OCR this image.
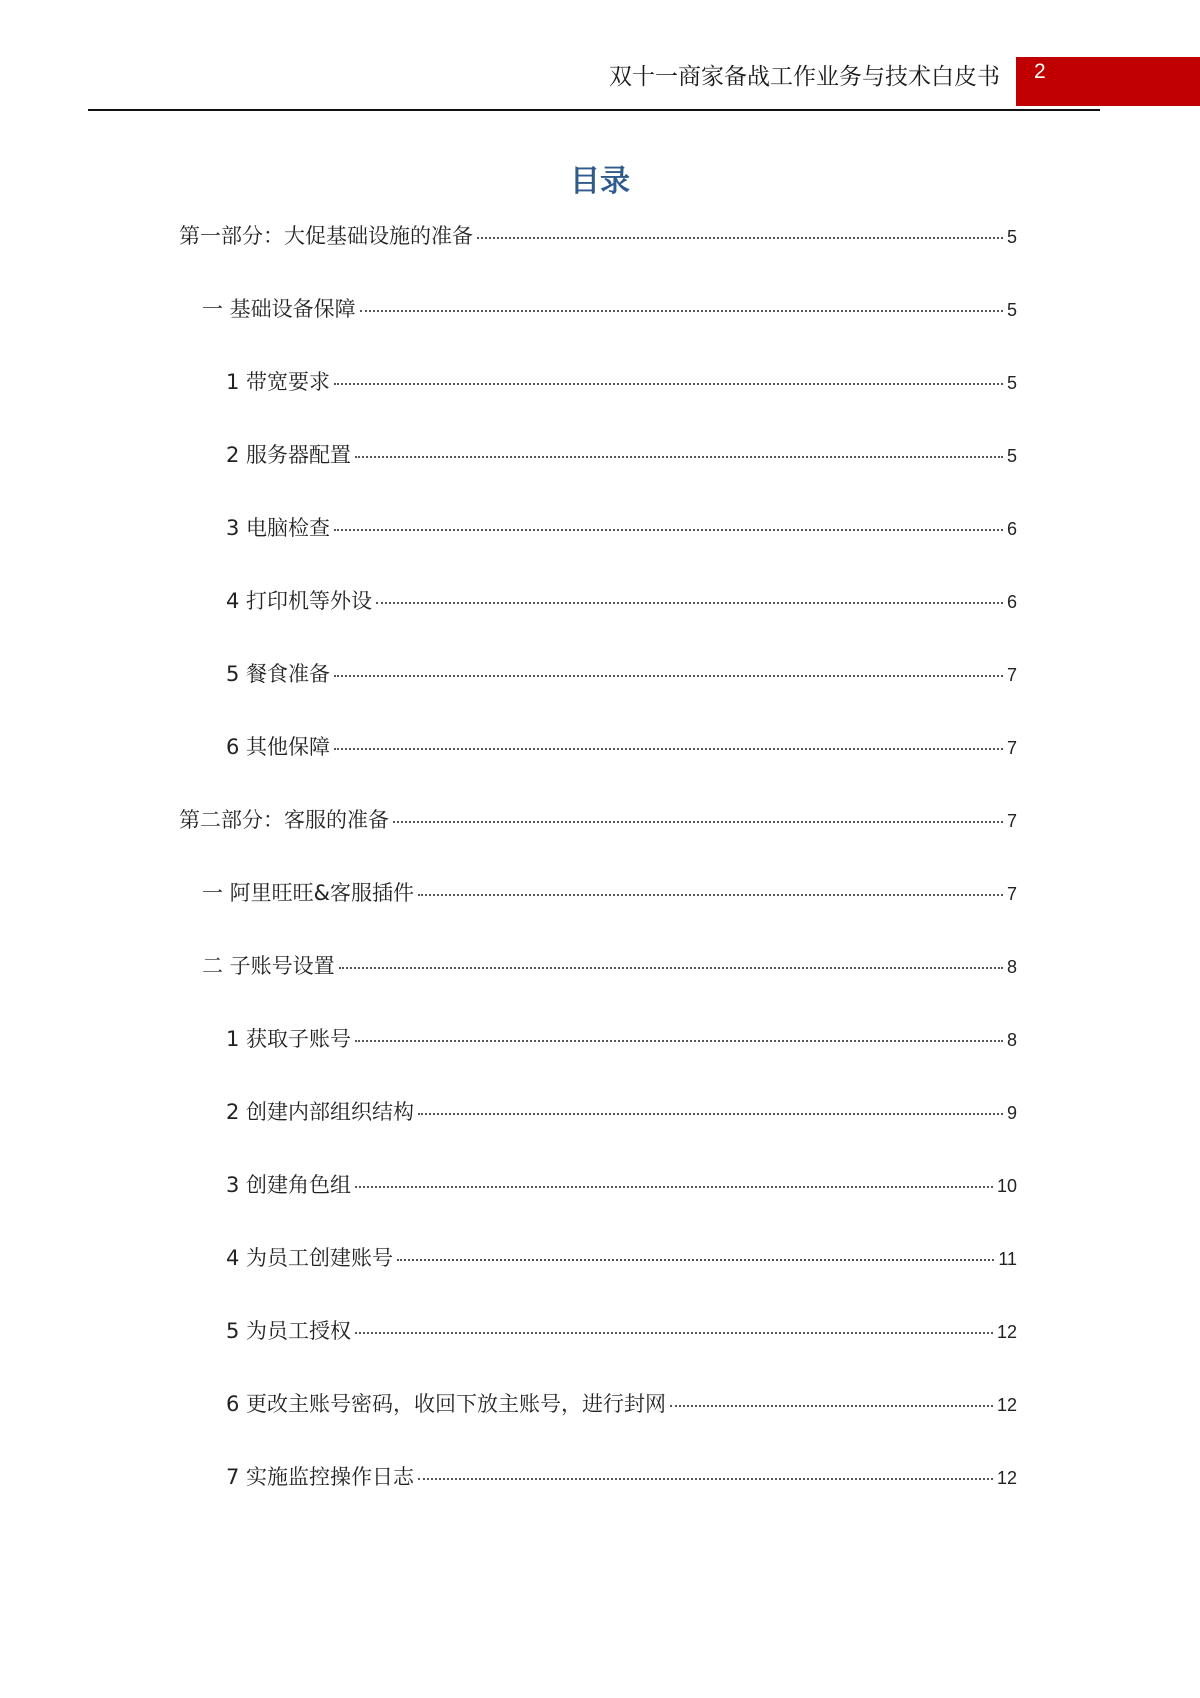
双十一商家备战工作业务与技术白皮书 2
目录
第一部分：大促基础设施的准备	5
一 基础设备保障	5
1 带宽要求	5
2 服务器配置	5
3 电脑检查	6
4 打印机等外设	6
5 餐食准备	7
6 其他保障	7
第二部分：客服的准备	7
一 阿里旺旺&客服插件	7
二 子账号设置	8
1 获取子账号	8
2 创建内部组织结构	9
3 创建角色组	10
4 为员工创建账号	11
5 为员工授权	12
6 更改主账号密码，收回下放主账号，进行封网	12
7 实施监控操作日志	12
